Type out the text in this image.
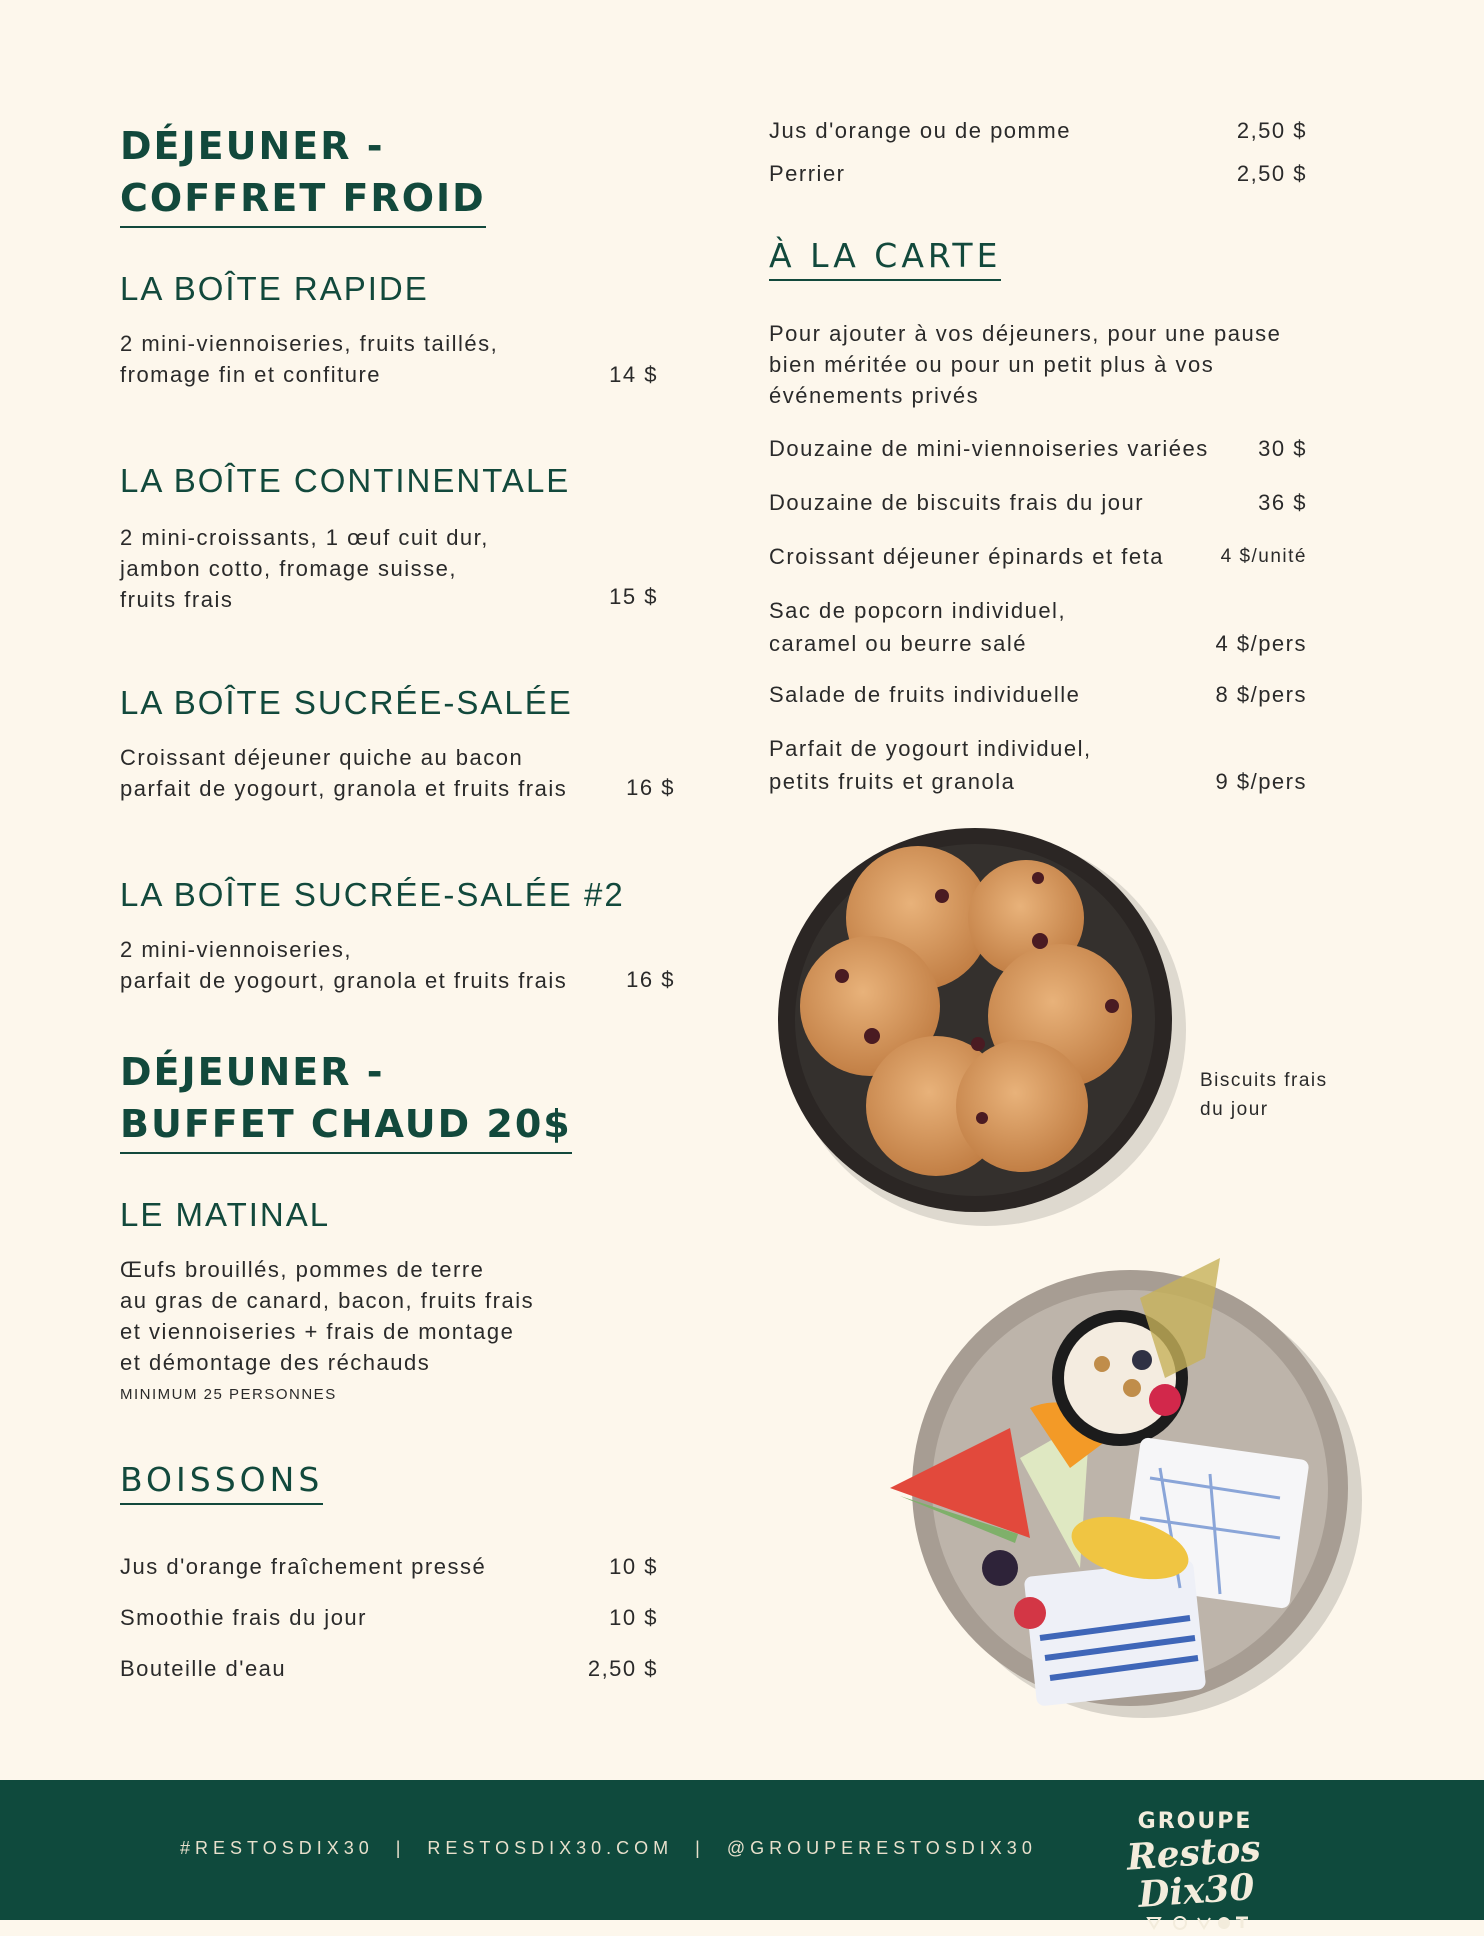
DÉJEUNER -
COFFRET FROID
LA BOÎTE RAPIDE
2 mini-viennoiseries, fruits taillés,
fromage fin et confiture	14 $
LA BOÎTE CONTINENTALE
2 mini-croissants, 1 œuf cuit dur,
jambon cotto, fromage suisse,
fruits frais	15 $
LA BOÎTE SUCRÉE-SALÉE
Croissant déjeuner quiche au bacon
parfait de yogourt, granola et fruits frais	16 $
LA BOÎTE SUCRÉE-SALÉE #2
2 mini-viennoiseries,
parfait de yogourt, granola et fruits frais	16 $
DÉJEUNER -
BUFFET CHAUD 20$
LE MATINAL
Œufs brouillés, pommes de terre
au gras de canard, bacon, fruits frais
et viennoiseries + frais de montage
et démontage des réchauds
MINIMUM 25 PERSONNES
BOISSONS
Jus d'orange fraîchement pressé	10 $
Smoothie frais du jour	10 $
Bouteille d'eau	2,50 $
Jus d'orange ou de pomme	2,50 $
Perrier	2,50 $
À LA CARTE
Pour ajouter à vos déjeuners, pour une pause
bien méritée ou pour un petit plus à vos
événements privés
Douzaine de mini-viennoiseries variées 30 $
Douzaine de biscuits frais du jour	36 $
Croissant déjeuner épinards et feta	4 $/unité
Sac de popcorn individuel,
caramel ou beurre salé	4 $/pers
Salade de fruits individuelle	8 $/pers
Parfait de yogourt individuel,
petits fruits et granola	9 $/pers
Biscuits frais
du jour
#RESTOSDIX30 | RESTOSDIX30.COM | @GROUPERESTOSDIX30
GROUPE
Restos Dix30
